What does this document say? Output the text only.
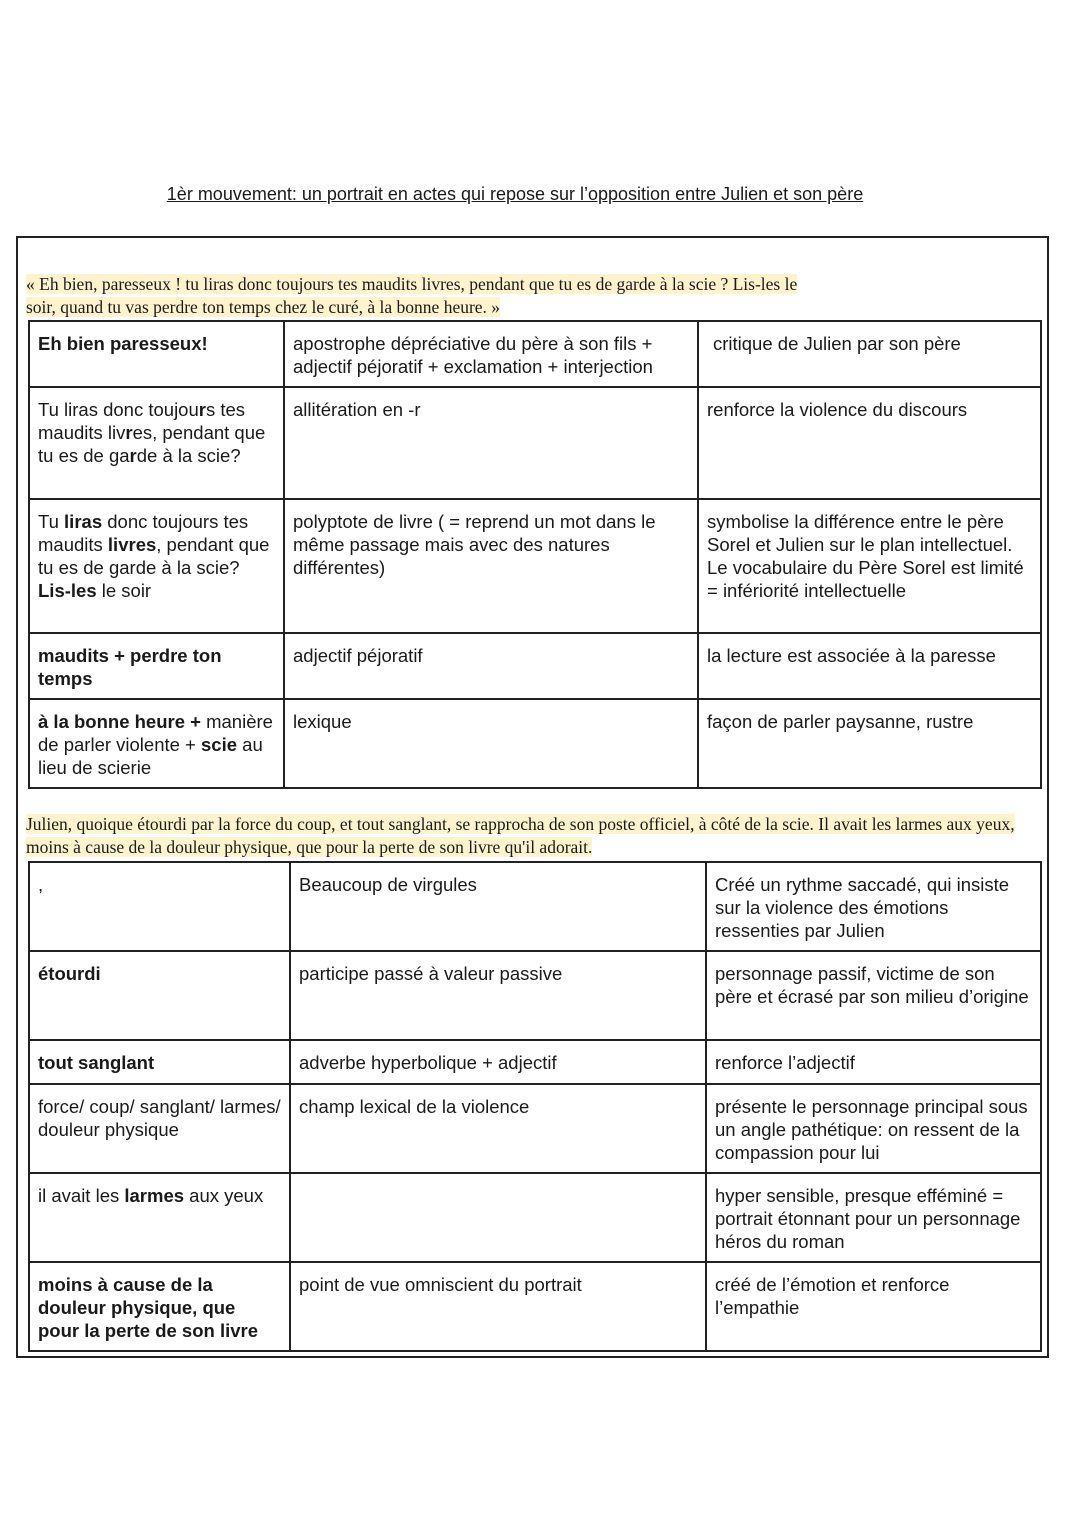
1èr mouvement: un portrait en actes qui repose sur l’opposition entre Julien et son père
« Eh bien, paresseux ! tu liras donc toujours tes maudits livres, pendant que tu es de garde à la scie ? Lis-les le soir, quand tu vas perdre ton temps chez le curé, à la bonne heure. »
Eh bien paresseux!	apostrophe dépréciative du père à son fils + adjectif péjoratif + exclamation + interjection	critique de Julien par son père
Tu liras donc toujours tes maudits livres, pendant que tu es de garde à la scie?	allitération en -r	renforce la violence du discours
Tu liras donc toujours tes maudits livres, pendant que tu es de garde à la scie? Lis-les le soir	polyptote de livre ( = reprend un mot dans le même passage mais avec des natures différentes)	symbolise la différence entre le père Sorel et Julien sur le plan intellectuel. Le vocabulaire du Père Sorel est limité = infériorité intellectuelle
maudits + perdre ton temps	adjectif péjoratif	la lecture est associée à la paresse
à la bonne heure + manière de parler violente + scie au lieu de scierie	lexique	façon de parler paysanne, rustre
Julien, quoique étourdi par la force du coup, et tout sanglant, se rapprocha de son poste officiel, à côté de la scie. Il avait les larmes aux yeux, moins à cause de la douleur physique, que pour la perte de son livre qu'il adorait.
,	Beaucoup de virgules	Créé un rythme saccadé, qui insiste sur la violence des émotions ressenties par Julien
étourdi	participe passé à valeur passive	personnage passif, victime de son père et écrasé par son milieu d’origine
tout sanglant	adverbe hyperbolique + adjectif	renforce l’adjectif
force/ coup/ sanglant/ larmes/ douleur physique	champ lexical de la violence	présente le personnage principal sous un angle pathétique: on ressent de la compassion pour lui
il avait les larmes aux yeux		hyper sensible, presque efféminé = portrait étonnant pour un personnage héros du roman
moins à cause de la douleur physique, que pour la perte de son livre	point de vue omniscient du portrait	créé de l’émotion et renforce l’empathie
